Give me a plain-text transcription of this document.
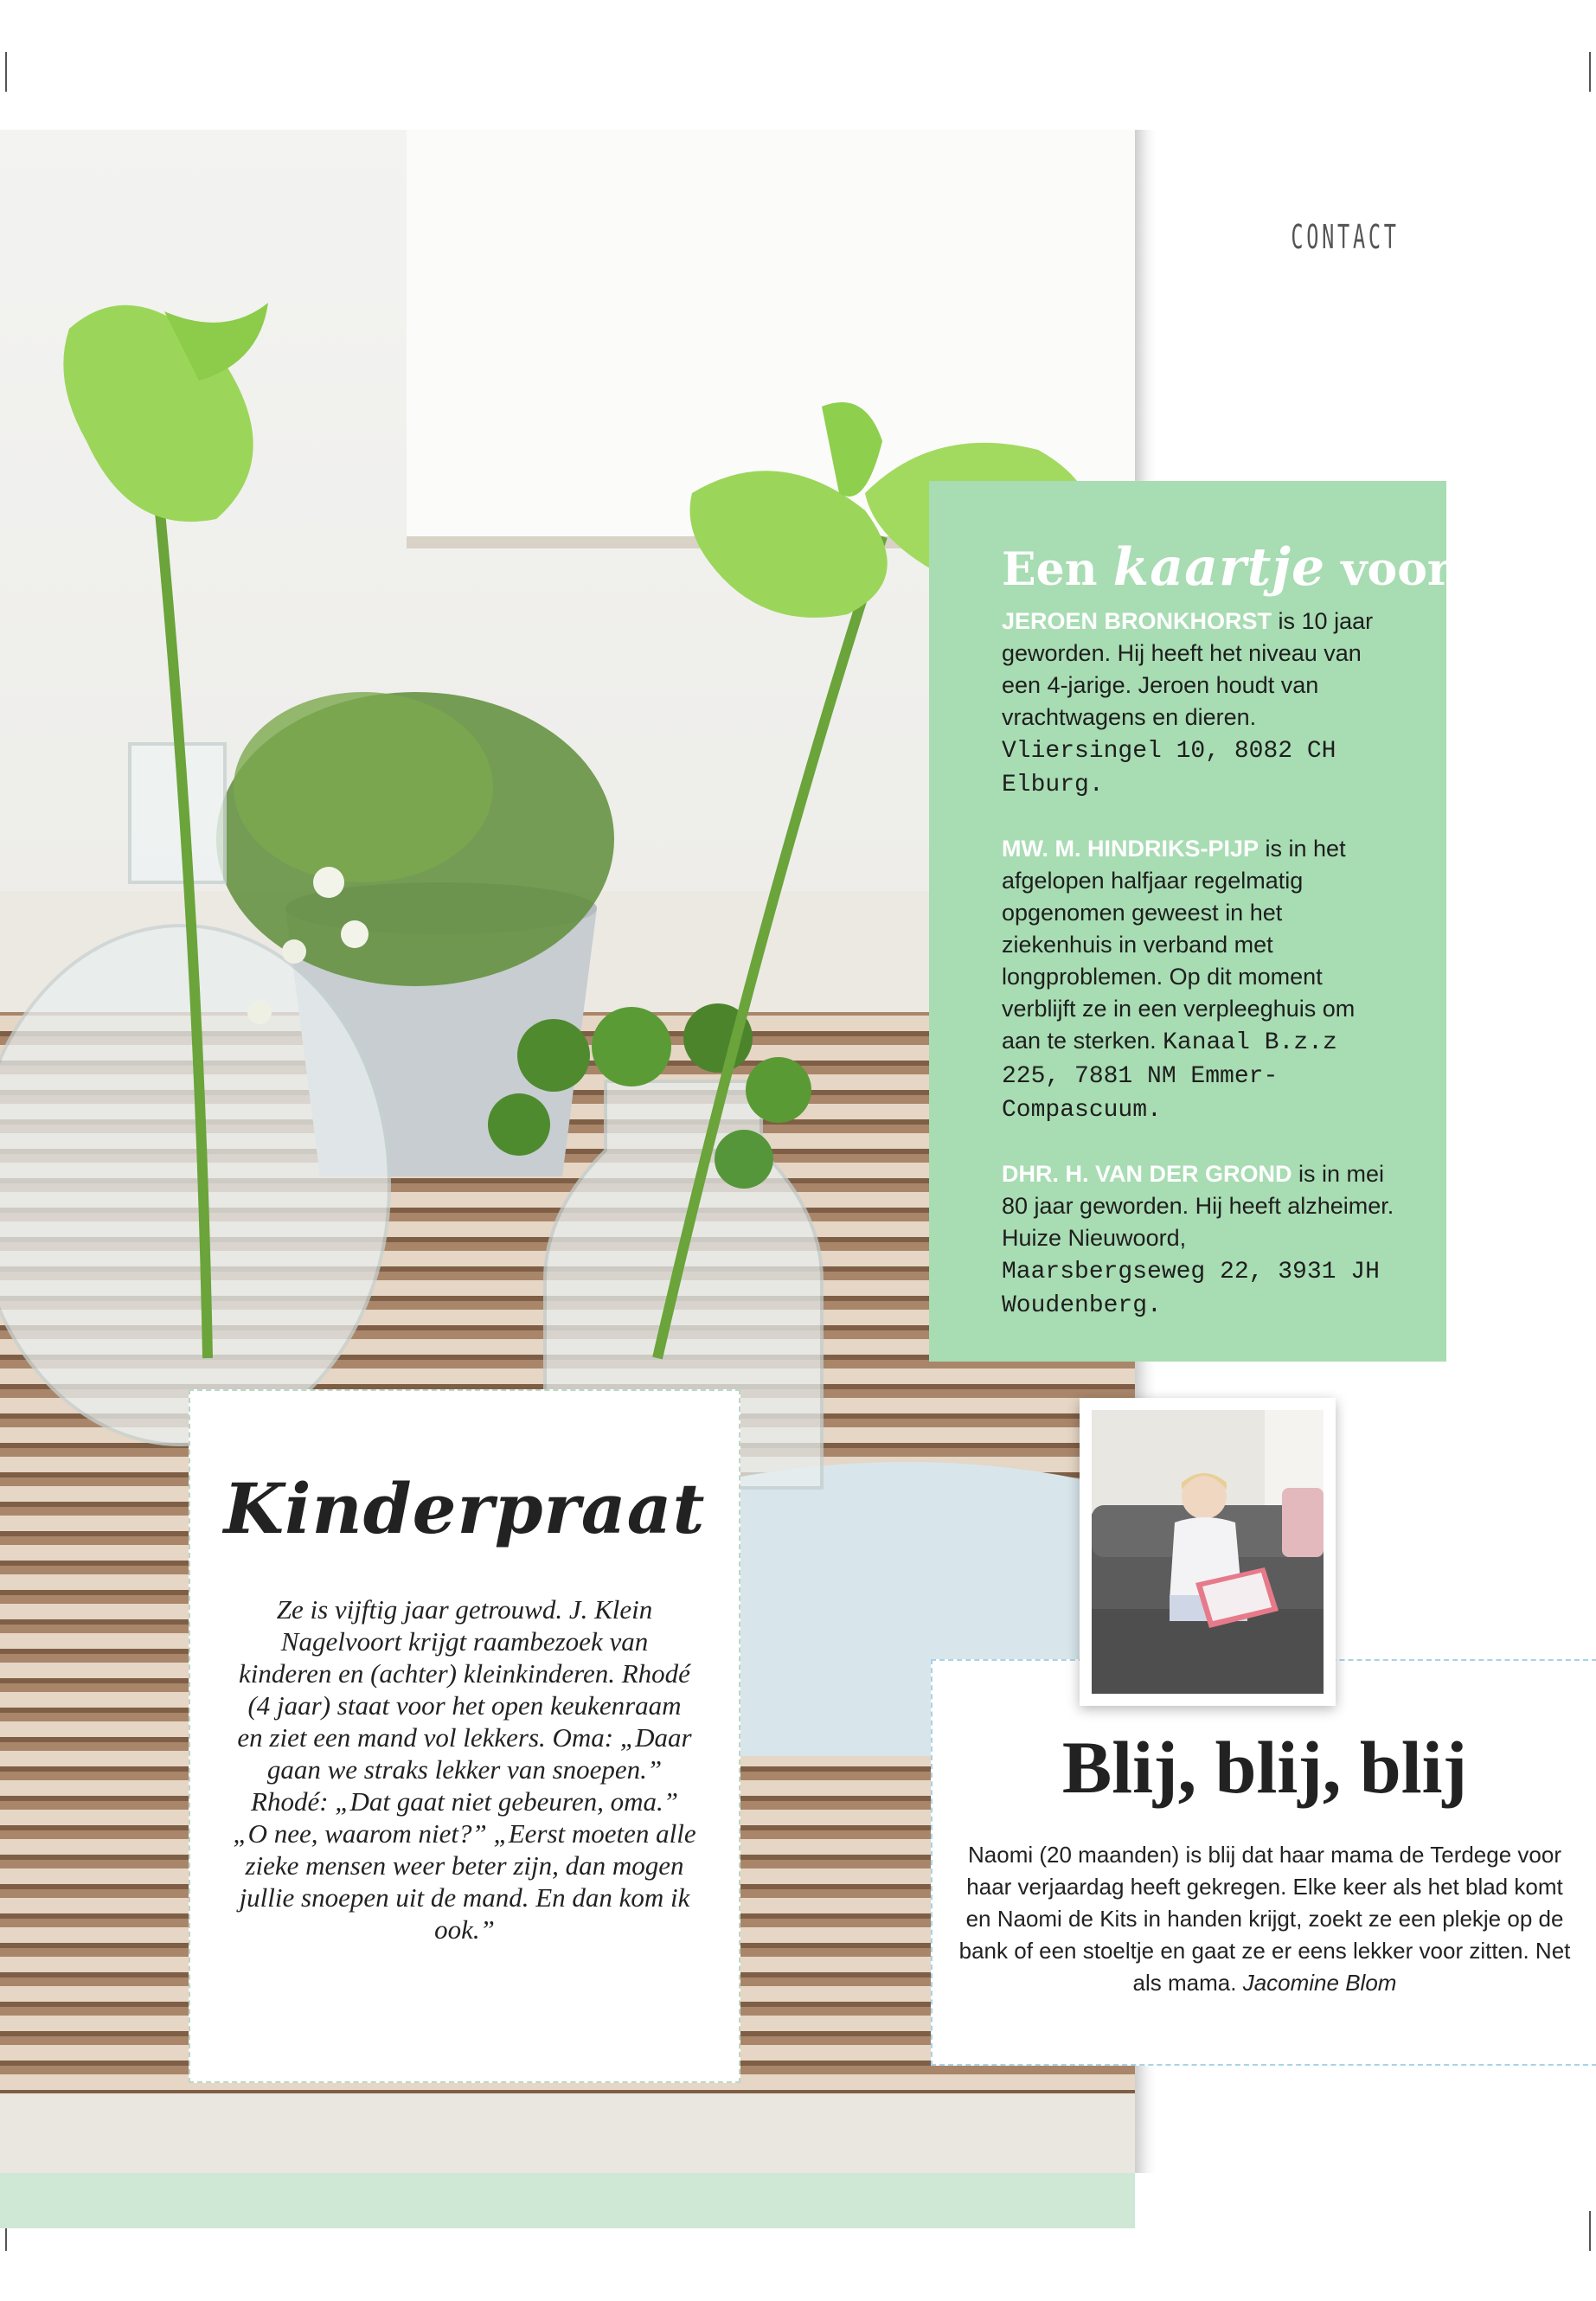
CONTACT
Een kaartje voor

JEROEN BRONKHORST is 10 jaar geworden. Hij heeft het niveau van een 4-jarige. Jeroen houdt van vrachtwagens en dieren. Vliersingel 10, 8082 CH Elburg.

MW. M. HINDRIKS-PIJP is in het afgelopen halfjaar regelmatig opgenomen geweest in het ziekenhuis in verband met longproblemen. Op dit moment verblijft ze in een verpleeghuis om aan te sterken. Kanaal B.z.z 225, 7881 NM Emmer-Compascuum.

DHR. H. VAN DER GROND is in mei 80 jaar geworden. Hij heeft alzheimer. Huize Nieuwoord, Maarsbergseweg 22, 3931 JH Woudenberg.

Kinderpraat

Ze is vijftig jaar getrouwd. J. Klein Nagelvoort krijgt raambezoek van kinderen en (achter) kleinkinderen. Rhodé (4 jaar) staat voor het open keukenraam en ziet een mand vol lekkers. Oma: „Daar gaan we straks lekker van snoepen.” Rhodé: „Dat gaat niet gebeuren, oma.” „O nee, waarom niet?” „Eerst moeten alle zieke mensen weer beter zijn, dan mogen jullie snoepen uit de mand. En dan kom ik ook.”

Blij, blij, blij

Naomi (20 maanden) is blij dat haar mama de Terdege voor haar verjaardag heeft gekregen. Elke keer als het blad komt en Naomi de Kits in handen krijgt, zoekt ze een plekje op de bank of een stoeltje en gaat ze er eens lekker voor zitten. Net als mama. Jacomine Blom
